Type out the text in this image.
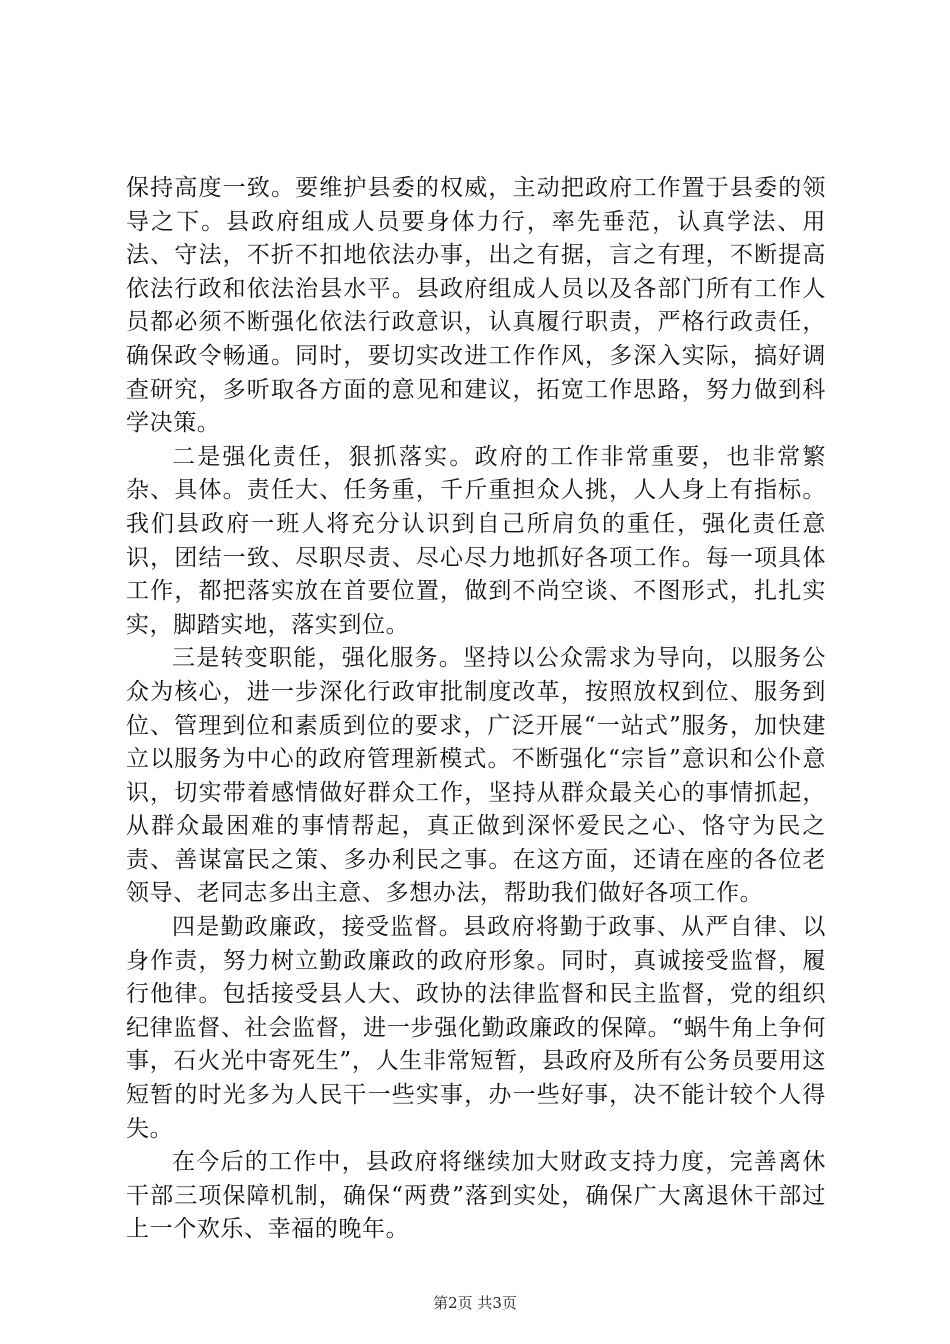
保持高度一致。要维护县委的权威，主动把政府工作置于县委的领导之下。县政府组成人员要身体力行，率先垂范，认真学法、用法、守法，不折不扣地依法办事，出之有据，言之有理，不断提高依法行政和依法治县水平。县政府组成人员以及各部门所有工作人员都必须不断强化依法行政意识，认真履行职责，严格行政责任，确保政令畅通。同时，要切实改进工作作风，多深入实际，搞好调查研究，多听取各方面的意见和建议，拓宽工作思路，努力做到科学决策。

二是强化责任，狠抓落实。政府的工作非常重要，也非常繁杂、具体。责任大、任务重，千斤重担众人挑，人人身上有指标。我们县政府一班人将充分认识到自己所肩负的重任，强化责任意识，团结一致、尽职尽责、尽心尽力地抓好各项工作。每一项具体工作，都把落实放在首要位置，做到不尚空谈、不图形式，扎扎实实，脚踏实地，落实到位。

三是转变职能，强化服务。坚持以公众需求为导向，以服务公众为核心，进一步深化行政审批制度改革，按照放权到位、服务到位、管理到位和素质到位的要求，广泛开展“一站式”服务，加快建立以服务为中心的政府管理新模式。不断强化“宗旨”意识和公仆意识，切实带着感情做好群众工作，坚持从群众最关心的事情抓起，从群众最困难的事情帮起，真正做到深怀爱民之心、恪守为民之责、善谋富民之策、多办利民之事。在这方面，还请在座的各位老领导、老同志多出主意、多想办法，帮助我们做好各项工作。

四是勤政廉政，接受监督。县政府将勤于政事、从严自律、以身作责，努力树立勤政廉政的政府形象。同时，真诚接受监督，履行他律。包括接受县人大、政协的法律监督和民主监督，党的组织纪律监督、社会监督，进一步强化勤政廉政的保障。“蜗牛角上争何事，石火光中寄死生”，人生非常短暂，县政府及所有公务员要用这短暂的时光多为人民干一些实事，办一些好事，决不能计较个人得失。

在今后的工作中，县政府将继续加大财政支持力度，完善离休干部三项保障机制，确保“两费”落到实处，确保广大离退休干部过上一个欢乐、幸福的晚年。

第2页 共3页
